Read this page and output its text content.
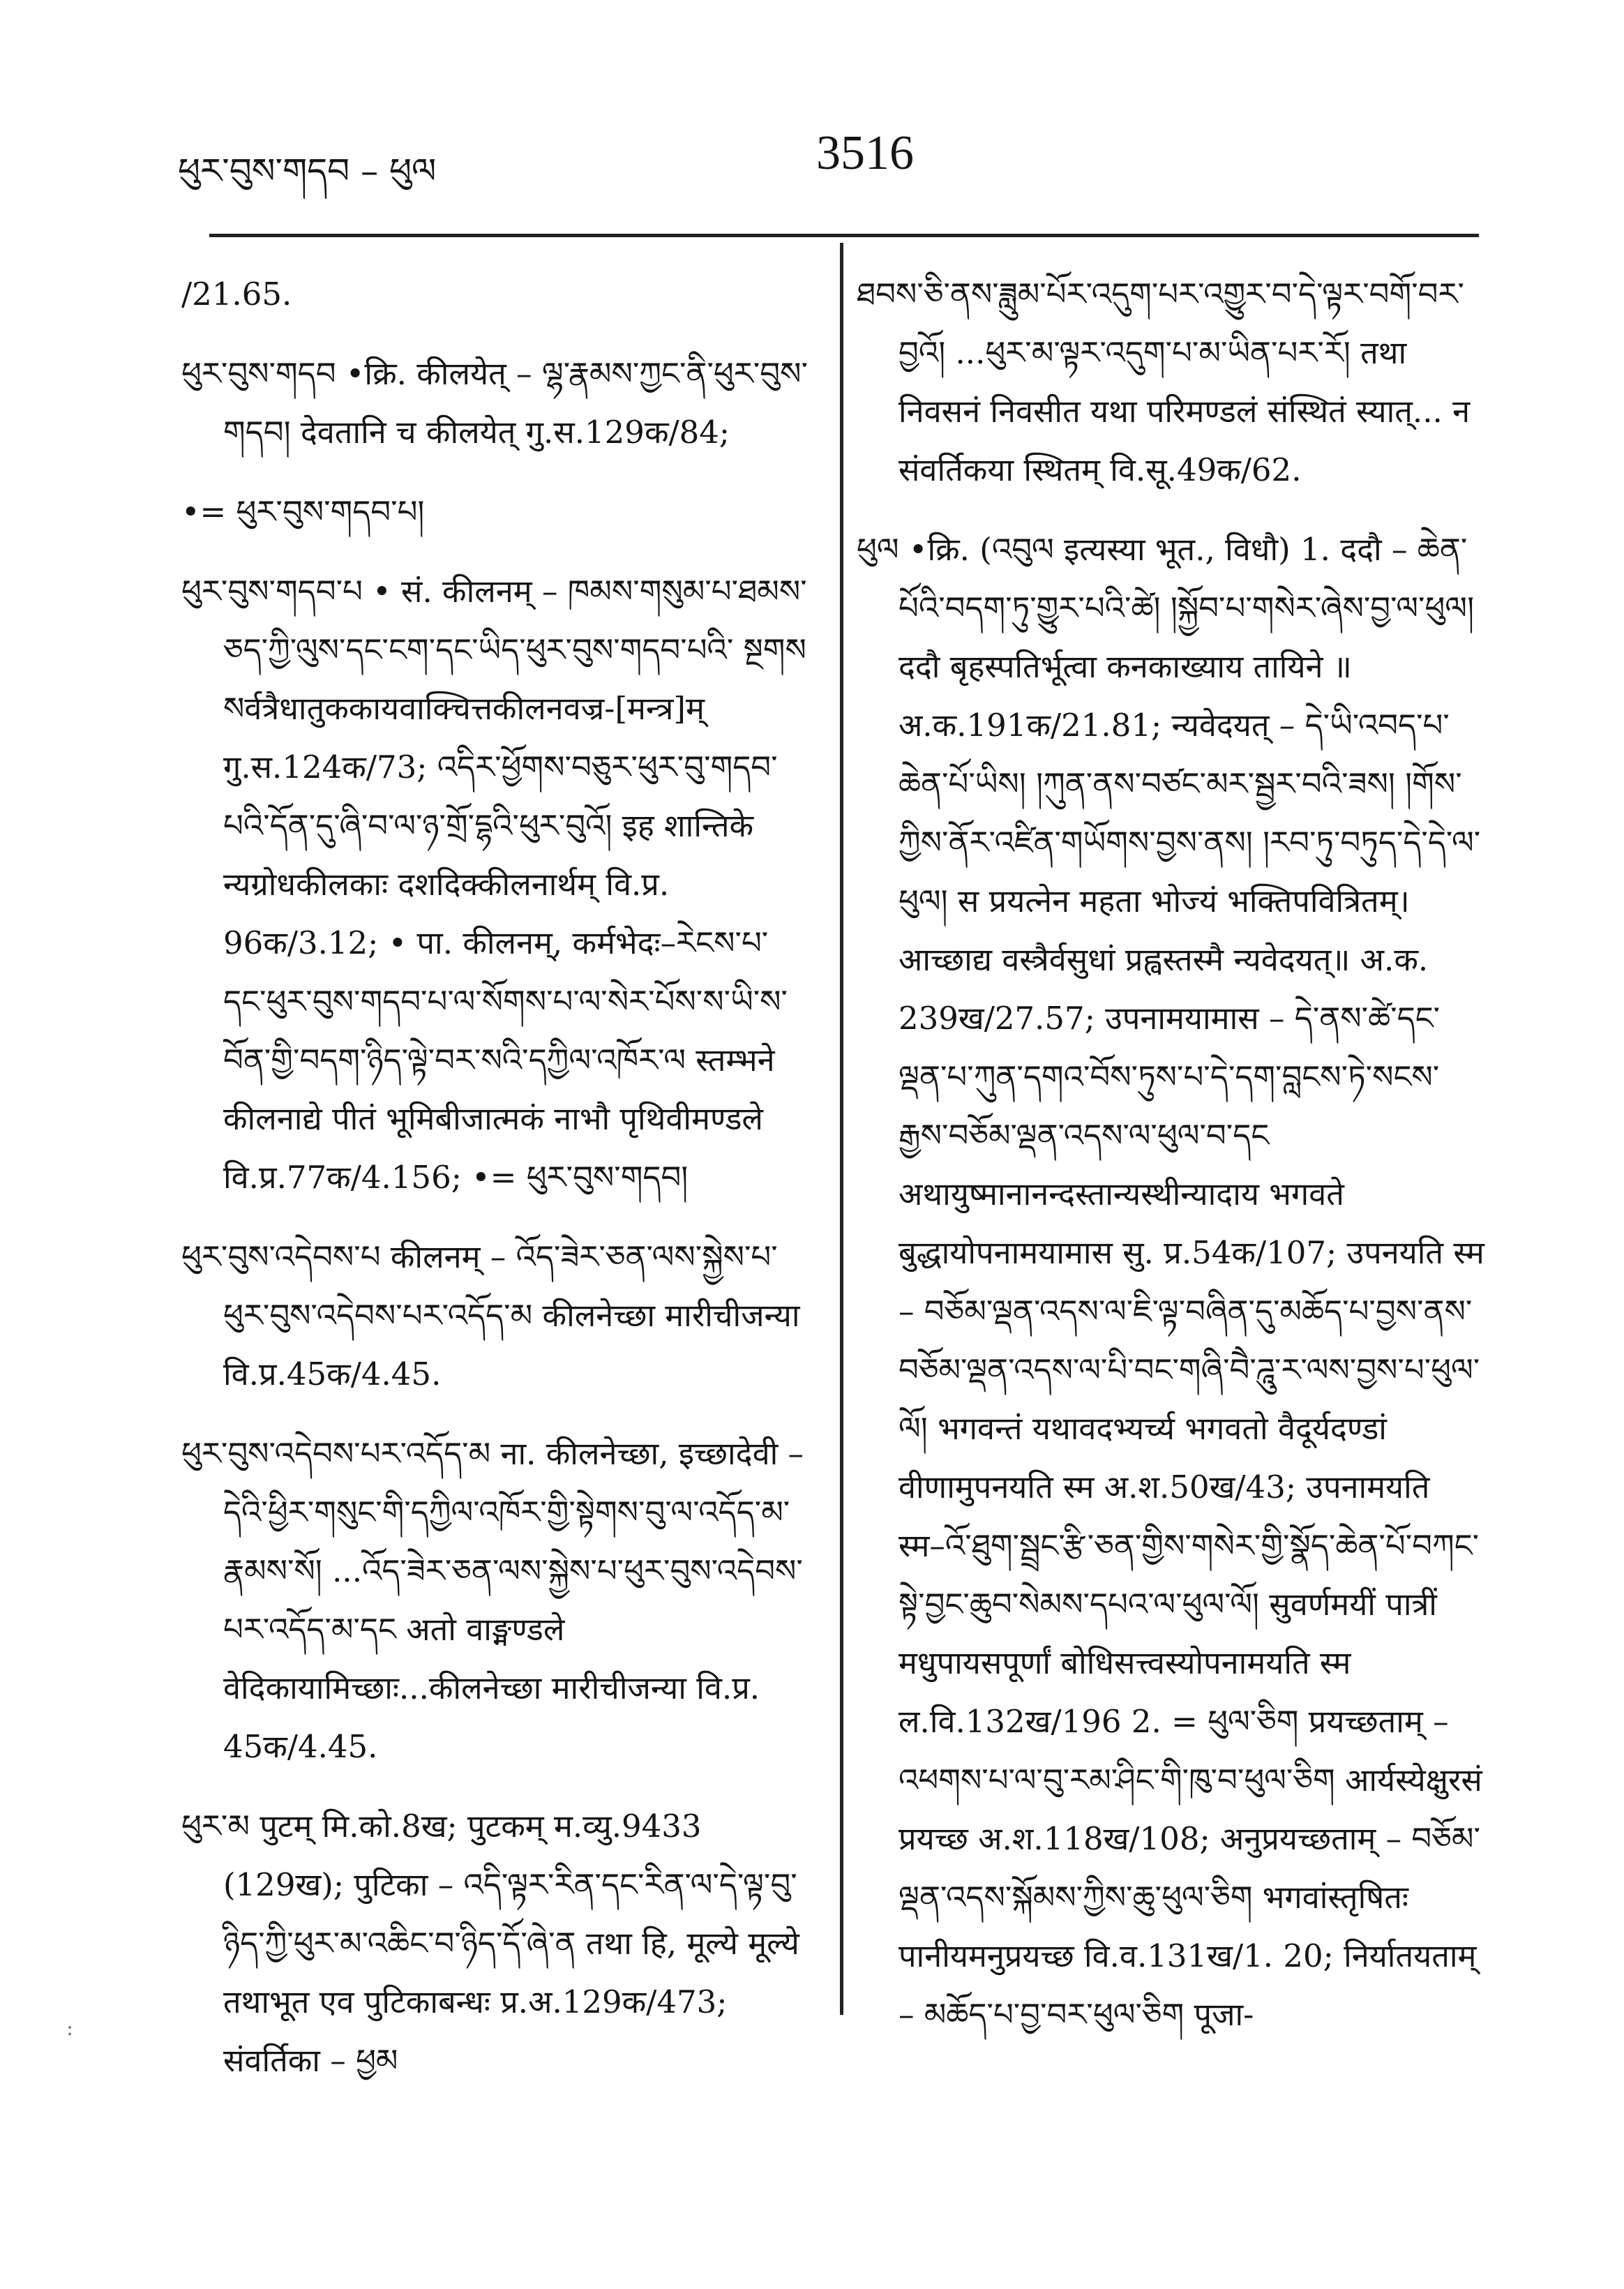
ཕུར་བུས་གདབ – ཕུལ	3516

/21.65.

ཕུར་བུས་གདབ •क्रि. कीलयेत् – ལྷ་རྣམས་ཀྱང་ནི་ཕུར་བུས་གདབ། देवतानि च कीलयेत् गु.स.129क/84;

•= ཕུར་བུས་གདབ་པ།

ཕུར་བུས་གདབ་པ • सं. कीलनम् – ཁམས་གསུམ་པ་ཐམས་ཅད་ཀྱི་ལུས་དང་ངག་དང་ཡིད་ཕུར་བུས་གདབ་པའི་ སྔགས སर्वत्रैधातुककायवाक्चित्तकीलनवज्र-[मन्त्र]म् गु.स.124क/73; འདིར་ཕྱོགས་བཅུར་ཕུར་བུ་གདབ་པའི་དོན་དུ་ཞི་བ་ལ་ཉ་གྲོ་དྷའི་ཕུར་བུའོ། इह शान्तिके न्यग्रोधकीलकाः दशदिक्कीलनार्थम् वि.प्र. 96क/3.12; • पा. कीलनम्, कर्मभेदः–རེངས་པ་དང་ཕུར་བུས་གདབ་པ་ལ་སོགས་པ་ལ་སེར་པོས་ས་ཡི་ས་བོན་གྱི་བདག་ཉིད་ལྟེ་བར་སའི་དཀྱིལ་འཁོར་ལ स्तम्भने कीलनाद्ये पीतं भूमिबीजात्मकं नाभौ पृथिवीमण्डले वि.प्र.77क/4.156; •= ཕུར་བུས་གདབ།

ཕུར་བུས་འདེབས་པ कीलनम् – འོད་ཟེར་ཅན་ལས་སྐྱེས་པ་ཕུར་བུས་འདེབས་པར་འདོད་མ कीलनेच्छा मारीचीजन्या वि.प्र.45क/4.45.

ཕུར་བུས་འདེབས་པར་འདོད་མ ना. कीलनेच्छा, इच्छादेवी – དེའི་ཕྱིར་གསུང་གི་དཀྱིལ་འཁོར་གྱི་སྟེགས་བུ་ལ་འདོད་མ་རྣམས་སོ། ...འོད་ཟེར་ཅན་ལས་སྐྱེས་པ་ཕུར་བུས་འདེབས་པར་འདོད་མ་དང अतो वाङ्मण्डले वेदिकायामिच्छाः...कीलनेच्छा मारीचीजन्या वि.प्र. 45क/4.45.

ཕུར་མ पुटम् मि.को.8ख; पुटकम् म.व्यु.9433 (129ख); पुटिका – འདི་ལྟར་རིན་དང་རིན་ལ་དེ་ལྟ་བུ་ཉིད་ཀྱི་ཕུར་མ་འཆིང་བ་ཉིད་དོ་ཞེ་ན तथा हि, मूल्ये मूल्ये तथाभूत एव पुटिकाबन्धः प्र.अ.129क/473; संवर्तिका – ཕྱམ

ཐབས་ཅི་ནས་ཟླུམ་པོར་འདུག་པར་འགྱུར་བ་དེ་ལྟར་བགོ་བར་བྱའོ། ...ཕུར་མ་ལྟར་འདུག་པ་མ་ཡིན་པར་རོ། तथा निवसनं निवसीत यथा परिमण्डलं संस्थितं स्यात्... न संवर्तिकया स्थितम् वि.सू.49क/62.

ཕུལ •क्रि. (འབུལ इत्यस्या भूत., विधौ) 1. ददौ – ཆེན་པོའི་བདག་ཏུ་གྱུར་པའི་ཚེ། །སྐྱོབ་པ་གསེར་ཞེས་བྱ་ལ་ཕུལ། ददौ बृहस्पतिर्भूत्वा कनकाख्याय तायिने ॥ अ.क.191क/21.81; न्यवेदयत् – དེ་ཡི་འབད་པ་ཆེན་པོ་ཡིས། །ཀུན་ནས་བཙང་མར་སྦྱར་བའི་ཟས། །གོས་ཀྱིས་ནོར་འཛིན་གཡོགས་བྱས་ནས། །རབ་ཏུ་བཏུད་དེ་དེ་ལ་ཕུལ། स प्रयत्नेन महता भोज्यं भक्तिपवित्रितम्। आच्छाद्य वस्त्रैर्वसुधां प्रह्वस्तस्मै न्यवेदयत्॥ अ.क. 239ख/27.57; उपनामयामास – དེ་ནས་ཚེ་དང་ལྡན་པ་ཀུན་དགའ་བོས་ཏུས་པ་དེ་དག་བླངས་ཏེ་སངས་རྒྱས་བཅོམ་ལྡན་འདས་ལ་ཕུལ་བ་དང अथायुष्मानानन्दस्तान्यस्थीन्यादाय भगवते बुद्धायोपनामयामास सु. प्र.54क/107; उपनयति स्म – བཅོམ་ལྡན་འདས་ལ་ཇི་ལྟ་བཞིན་དུ་མཆོད་པ་བྱས་ནས་བཅོམ་ལྡན་འདས་ལ་པི་བང་གཞི་བཻ་ཌཱུ་ར་ལས་བྱས་པ་ཕུལ་ལོ། भगवन्तं यथावदभ्यर्च्य भगवतो वैदूर्यदण्डां वीणामुपनयति स्म अ.श.50ख/43; उपनामयति स्म–འོ་ཐུག་སྦྲང་རྩི་ཅན་གྱིས་གསེར་གྱི་སྣོད་ཆེན་པོ་བཀང་སྟེ་བྱང་ཆུབ་སེམས་དཔའ་ལ་ཕུལ་ལོ། सुवर्णमयीं पात्रीं मधुपायसपूर्णां बोधिसत्त्वस्योपनामयति स्म ल.वि.132ख/196 2. = ཕུལ་ཅིག प्रयच्छताम् – འཕགས་པ་ལ་བུ་རམ་ཤིང་གི་ཁུ་བ་ཕུལ་ཅིག आर्यस्येक्षुरसं प्रयच्छ अ.श.118ख/108; अनुप्रयच्छताम् – བཅོམ་ལྡན་འདས་སྐོམས་ཀྱིས་ཆུ་ཕུལ་ཅིག भगवांस्तृषितः पानीयमनुप्रयच्छ वि.व.131ख/1. 20; निर्यातयताम् – མཆོད་པ་བྱ་བར་ཕུལ་ཅིག पूजा-

:
